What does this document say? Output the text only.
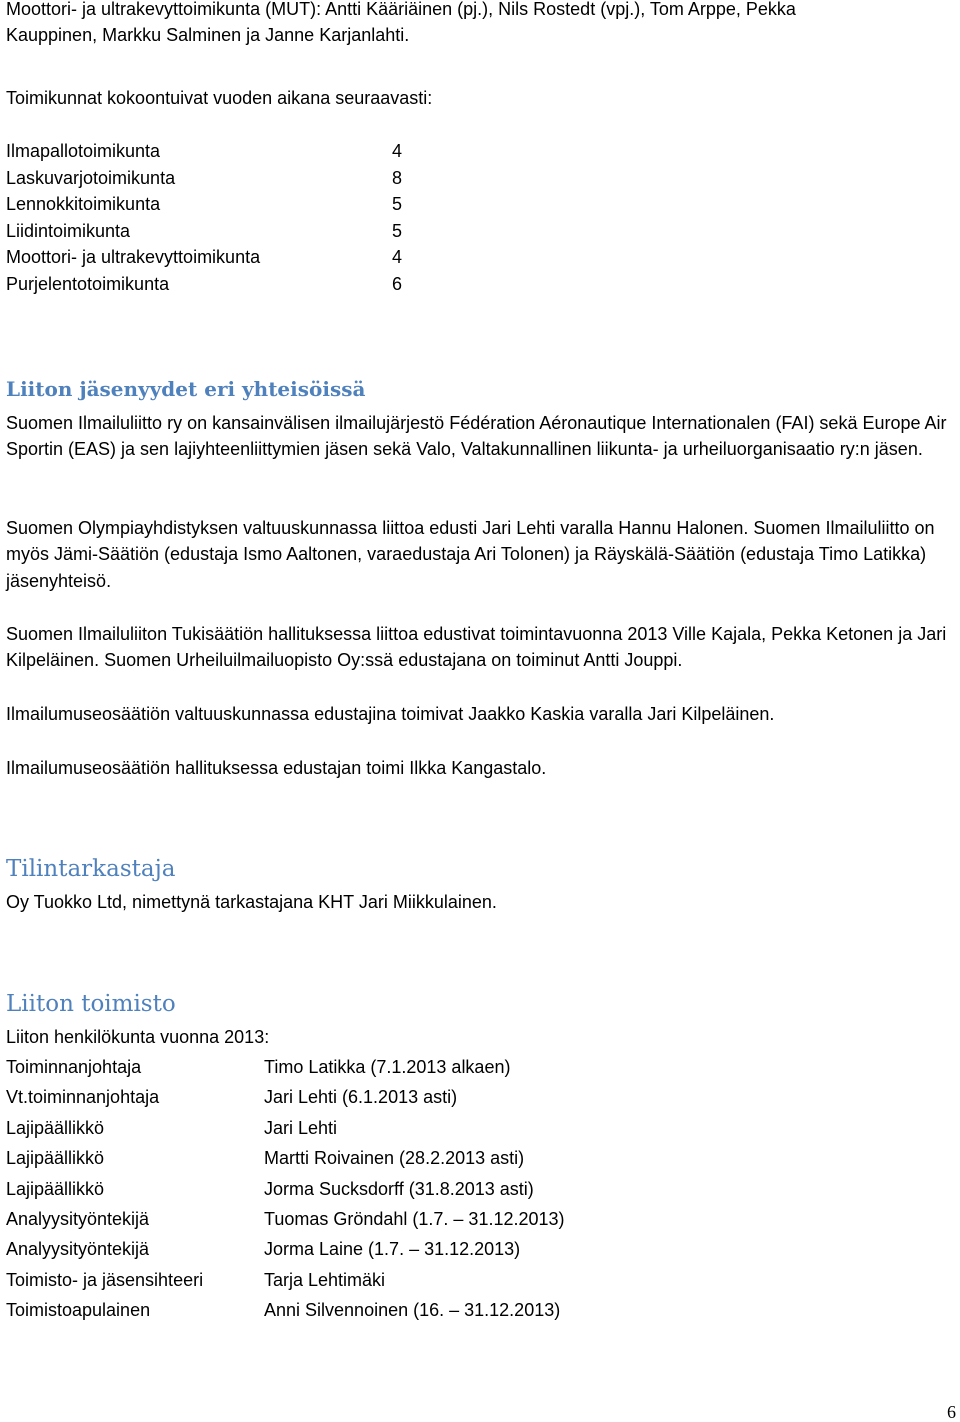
Moottori- ja ultrakevyttoimikunta (MUT): Antti Kääriäinen (pj.), Nils Rostedt (vpj.), Tom Arppe, Pekka
Kauppinen, Markku Salminen ja Janne Karjanlahti.
Toimikunnat kokoontuivat vuoden aikana seuraavasti:
Ilmapallotoimikunta	4
Laskuvarjotoimikunta	8
Lennokkitoimikunta	5
Liidintoimikunta	5
Moottori- ja ultrakevyttoimikunta	4
Purjelentotoimikunta	6
Liiton jäsenyydet eri yhteisöissä
Suomen Ilmailuliitto ry on kansainvälisen ilmailujärjestö Fédération Aéronautique Internationalen (FAI) sekä Europe Air Sportin (EAS) ja sen lajiyhteenliittymien jäsen sekä Valo, Valtakunnallinen liikunta- ja urheiluorganisaatio ry:n jäsen.
Suomen Olympiayhdistyksen valtuuskunnassa liittoa edusti Jari Lehti varalla Hannu Halonen. Suomen Ilmailuliitto on myös Jämi-Säätiön (edustaja Ismo Aaltonen, varaedustaja Ari Tolonen) ja Räyskälä-Säätiön (edustaja Timo Latikka) jäsenyhteisö.
Suomen Ilmailuliiton Tukisäätiön hallituksessa liittoa edustivat toimintavuonna 2013 Ville Kajala, Pekka Ketonen ja Jari Kilpeläinen. Suomen Urheiluilmailuopisto Oy:ssä edustajana on toiminut Antti Jouppi.
Ilmailumuseosäätiön valtuuskunnassa edustajina toimivat Jaakko Kaskia varalla Jari Kilpeläinen.
Ilmailumuseosäätiön hallituksessa edustajan toimi Ilkka Kangastalo.
Tilintarkastaja
Oy Tuokko Ltd, nimettynä tarkastajana KHT Jari Miikkulainen.
Liiton toimisto
Liiton henkilökunta vuonna 2013:
Toiminnanjohtaja	Timo Latikka (7.1.2013 alkaen)
Vt.toiminnanjohtaja	Jari Lehti (6.1.2013 asti)
Lajipäällikkö	Jari Lehti
Lajipäällikkö	Martti Roivainen (28.2.2013 asti)
Lajipäällikkö	Jorma Sucksdorff (31.8.2013 asti)
Analyysityöntekijä	Tuomas Gröndahl (1.7. – 31.12.2013)
Analyysityöntekijä	Jorma Laine (1.7. – 31.12.2013)
Toimisto- ja jäsensihteeri	Tarja Lehtimäki
Toimistoapulainen	Anni Silvennoinen (16. – 31.12.2013)
6
